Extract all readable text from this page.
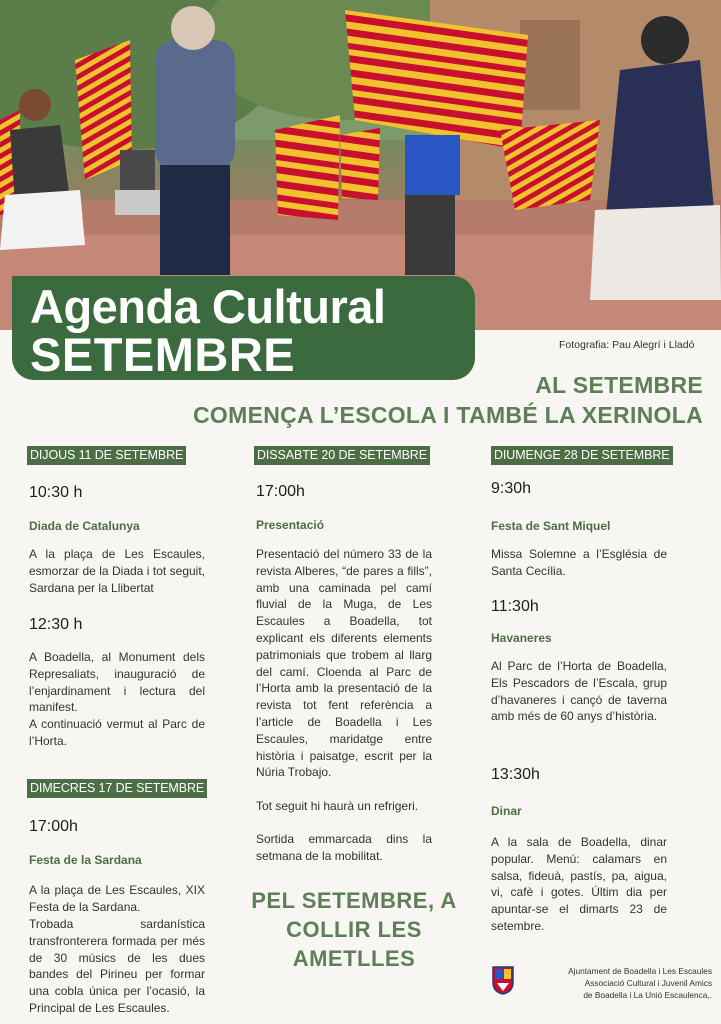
Agenda Cultural
SETEMBRE	Fotografia: Pau Alegrí i Lladó
AL SETEMBRE
COMENÇA L’ESCOLA I TAMBÉ LA XERINOLA
DIJOUS 11 DE SETEMBRE
10:30 h
Diada de Catalunya
A la plaça de Les Escaules, esmorzar de la Diada i tot seguit, Sardana per la Llibertat
12:30 h
A Boadella, al Monument dels Represaliats, inauguració de l’enjardinament i lectura del manifest.
A continuació vermut al Parc de l’Horta.
DIMECRES 17 DE SETEMBRE
17:00h
Festa de la Sardana
A la plaça de Les Escaules, XIX Festa de la Sardana.
Trobada sardanística transfronterera formada per més de 30 músics de les dues bandes del Pirineu per formar una cobla única per l’ocasió, la Principal de Les Escaules.
DISSABTE 20 DE SETEMBRE
17:00h
Presentació
Presentació del número 33 de la revista Alberes, “de pares a fills”, amb una caminada pel camí fluvial de la Muga, de Les Escaules a Boadella, tot explicant els diferents elements patrimonials que trobem al llarg del camí. Cloenda al Parc de l’Horta amb la presentació de la revista tot fent referència a l’article de Boadella i Les Escaules, maridatge entre història i paisatge, escrit per la Núria Trobajo.
Tot seguit hi haurà un refrigeri.
Sortida emmarcada dins la setmana de la mobilitat.
DIUMENGE 28 DE SETEMBRE
9:30h
Festa de Sant Miquel
Missa Solemne a l’Església de Santa Cecília.
11:30h
Havaneres
Al Parc de l’Horta de Boadella, Els Pescadors de l’Escala, grup d’havaneres i cançó de taverna amb més de 60 anys d’història.
13:30h
Dinar
A la sala de Boadella, dinar popular. Menú: calamars en salsa, fideuà, pastís, pa, aigua, vi, cafè i gotes. Últim dia per apuntar-se el dimarts 23 de setembre.
PEL SETEMBRE, A COLLIR LES AMETLLES	Ajuntament de Boadella i Les Escaules
Associació Cultural i Juvenil Amics
de Boadella i La Unió Escaulenca,.
